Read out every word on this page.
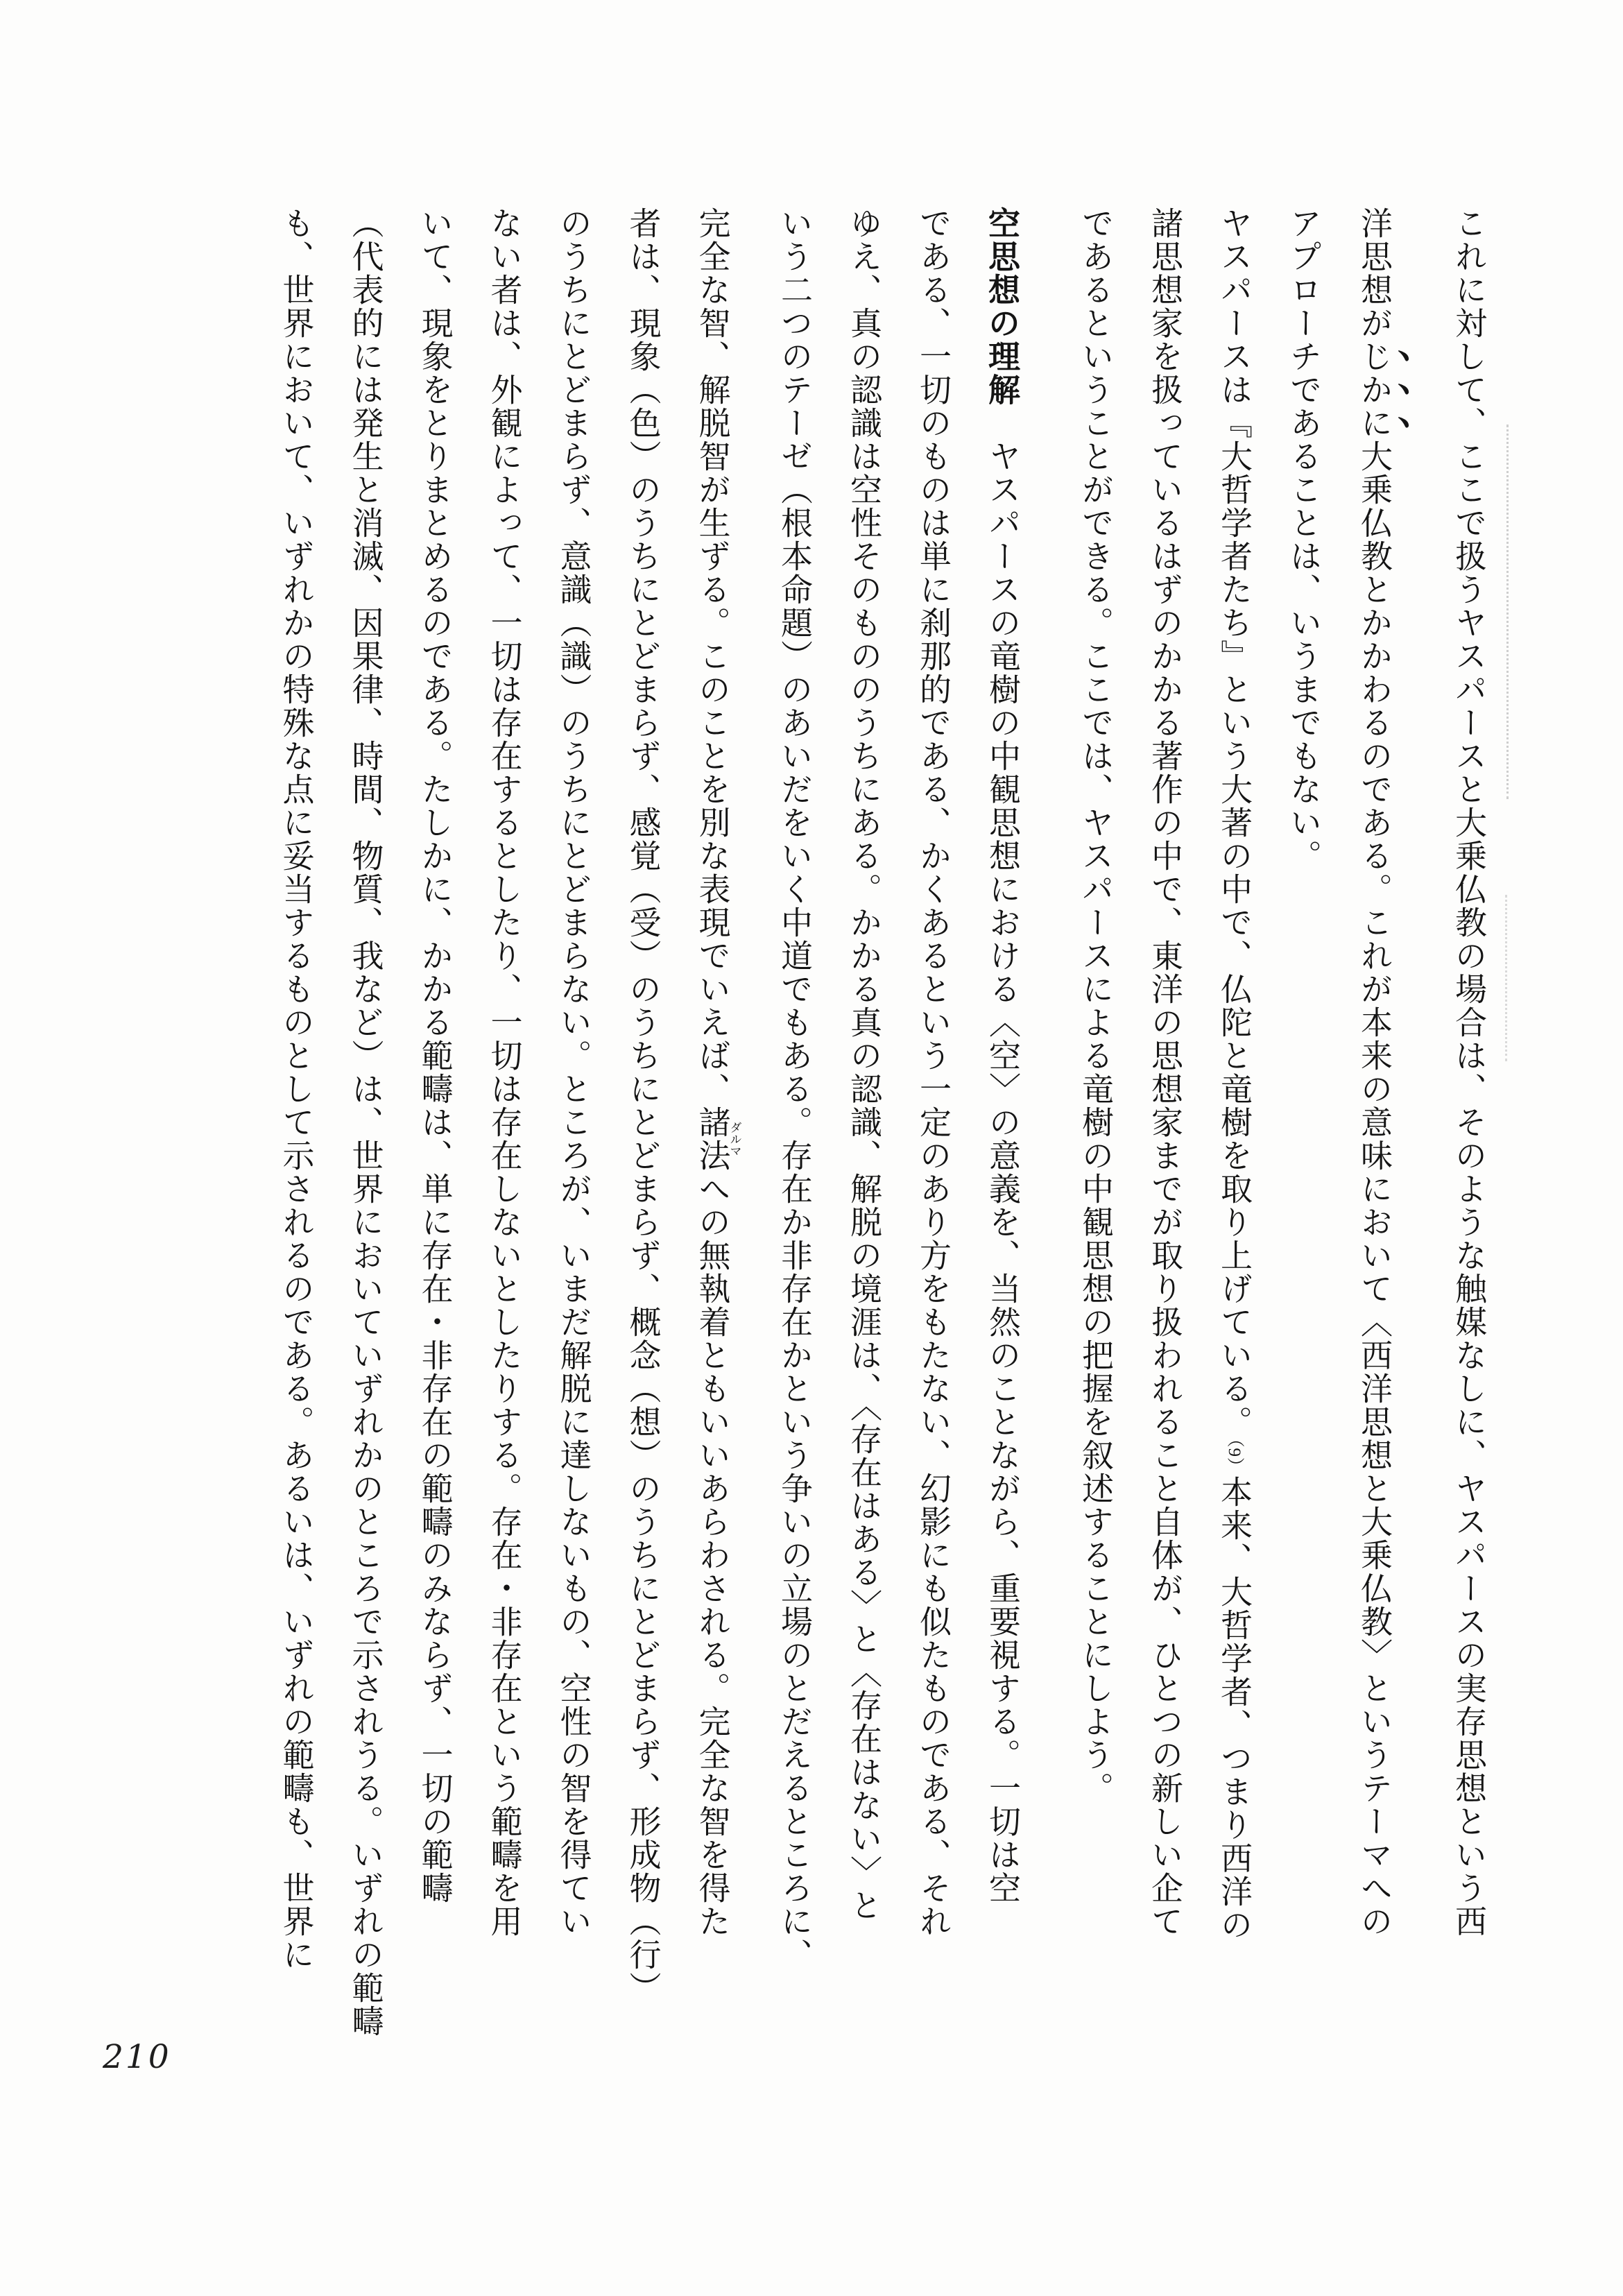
これに対して、ここで扱うヤスパースと大乗仏教の場合は、そのような触媒なしに、ヤスパースの実存思想という西
洋思想がじかに大乗仏教とかかわるのである。これが本来の意味において〈西洋思想と大乗仏教〉というテーマへの
アプローチであることは、いうまでもない。
ヤスパースは『大哲学者たち』という大著の中で、仏陀と竜樹を取り上げている。（9）本来、大哲学者、つまり西洋の
諸思想家を扱っているはずのかかる著作の中で、東洋の思想家までが取り扱われること自体が、ひとつの新しい企て
であるということができる。ここでは、ヤスパースによる竜樹の中観思想の把握を叙述することにしよう。
空思想の理解　ヤスパースの竜樹の中観思想における〈空〉の意義を、当然のことながら、重要視する。一切は空
である、一切のものは単に刹那的である、かくあるという一定のあり方をもたない、幻影にも似たものである、それ
ゆえ、真の認識は空性そのもののうちにある。かかる真の認識、解脱の境涯は、〈存在はある〉と〈存在はない〉と
いう二つのテーゼ（根本命題）のあいだをいく中道でもある。存在か非存在かという争いの立場のとだえるところに、
完全な智、解脱智が生ずる。このことを別な表現でいえば、諸法ダルマへの無執着ともいいあらわされる。完全な智を得た
者は、現象（色）のうちにとどまらず、感覚（受）のうちにとどまらず、概念（想）のうちにとどまらず、形成物（行）
のうちにとどまらず、意識（識）のうちにとどまらない。ところが、いまだ解脱に達しないもの、空性の智を得てい
ない者は、外観によって、一切は存在するとしたり、一切は存在しないとしたりする。存在・非存在という範疇を用
いて、現象をとりまとめるのである。たしかに、かかる範疇は、単に存在・非存在の範疇のみならず、一切の範疇
（代表的には発生と消滅、因果律、時間、物質、我など）は、世界においていずれかのところで示されうる。いずれの範疇
も、世界において、いずれかの特殊な点に妥当するものとして示されるのである。あるいは、いずれの範疇も、世界に
210
